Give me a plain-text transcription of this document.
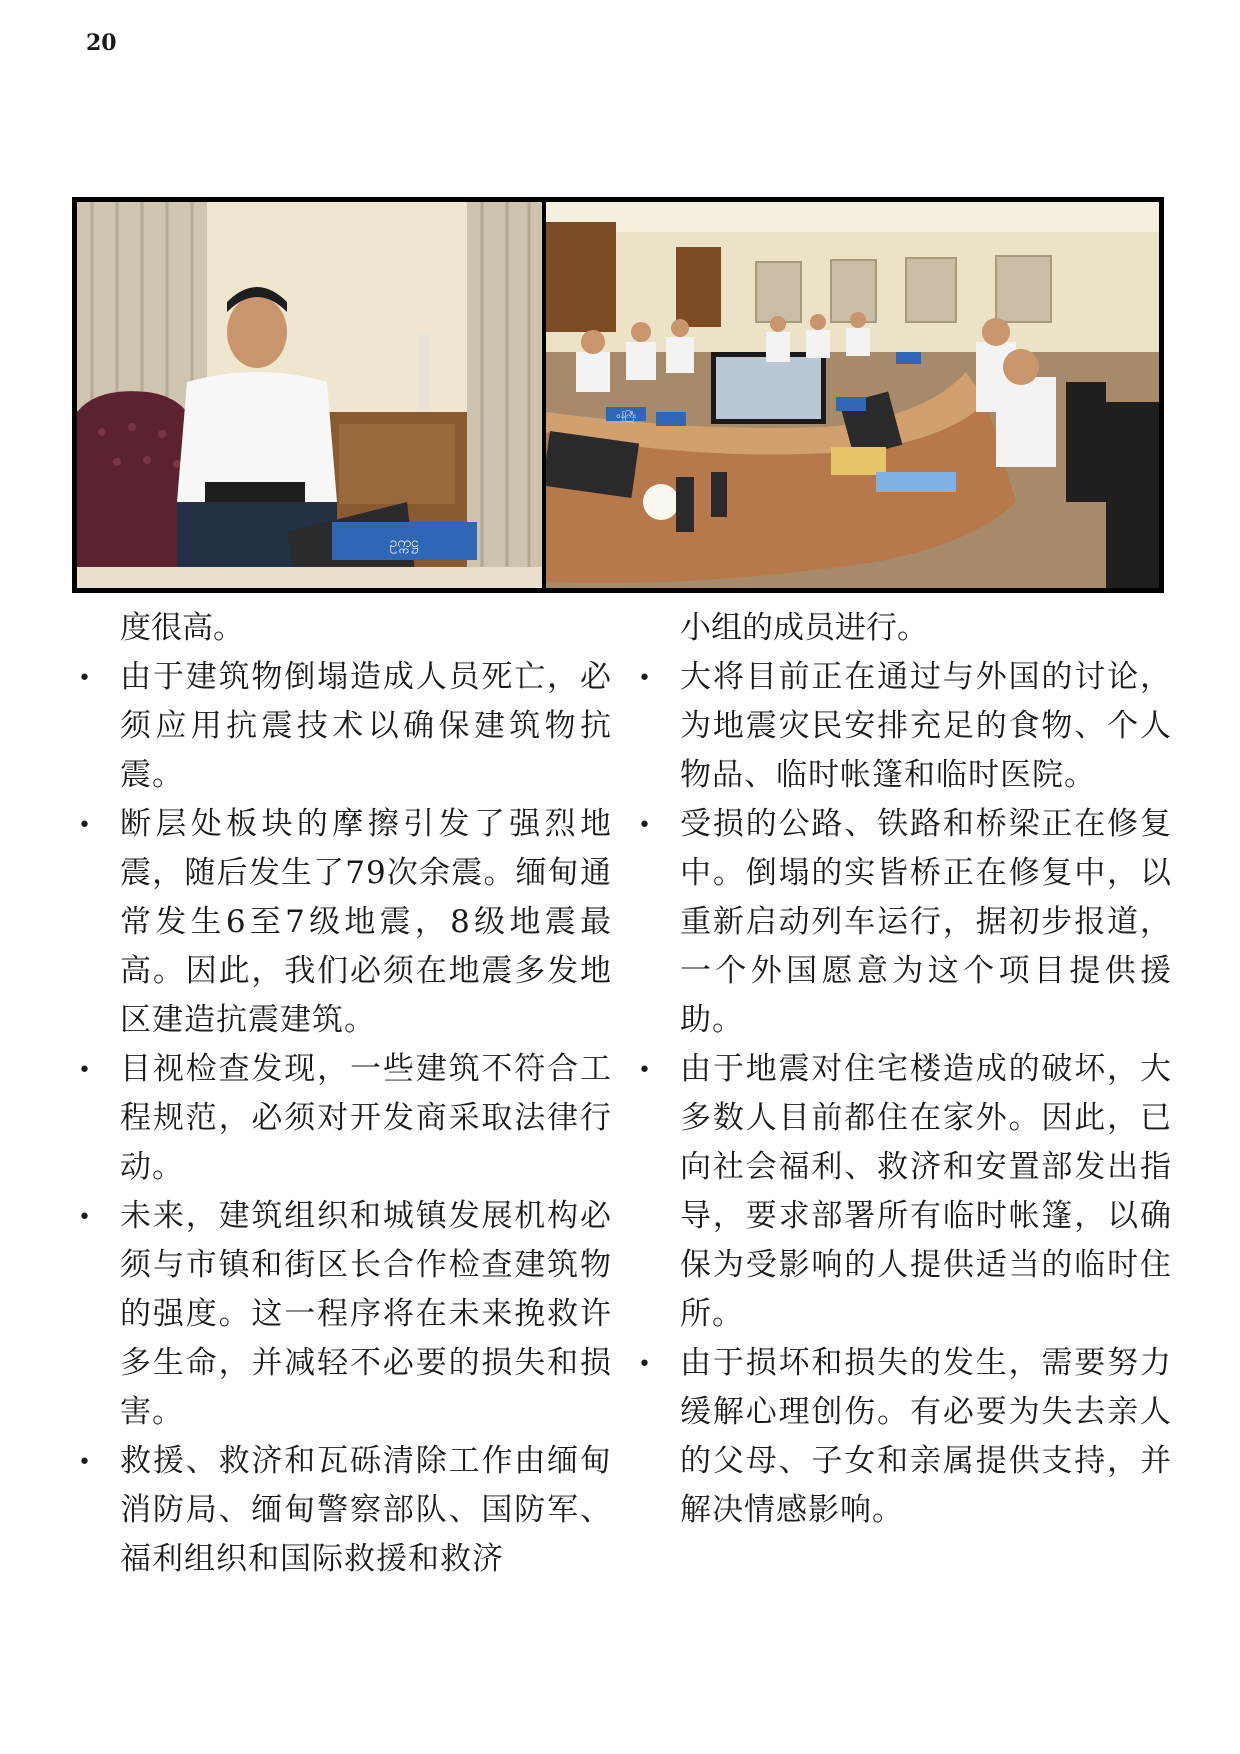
20
ဥက္ကဋ္ဌ
ဝန်ကြီး

度很高。

• 由于建筑物倒塌造成人员死亡，必须应用抗震技术以确保建筑物抗震。
• 断层处板块的摩擦引发了强烈地震，随后发生了79次余震。缅甸通常发生6至7级地震，8级地震最高。因此，我们必须在地震多发地区建造抗震建筑。
• 目视检查发现，一些建筑不符合工程规范，必须对开发商采取法律行动。
• 未来，建筑组织和城镇发展机构必须与市镇和街区长合作检查建筑物的强度。这一程序将在未来挽救许多生命，并减轻不必要的损失和损害。
• 救援、救济和瓦砾清除工作由缅甸消防局、缅甸警察部队、国防军、福利组织和国际救援和救济

小组的成员进行。

• 大将目前正在通过与外国的讨论，为地震灾民安排充足的食物、个人物品、临时帐篷和临时医院。
• 受损的公路、铁路和桥梁正在修复中。倒塌的实皆桥正在修复中，以重新启动列车运行，据初步报道，一个外国愿意为这个项目提供援助。
• 由于地震对住宅楼造成的破坏，大多数人目前都住在家外。因此，已向社会福利、救济和安置部发出指导，要求部署所有临时帐篷，以确保为受影响的人提供适当的临时住所。
• 由于损坏和损失的发生，需要努力缓解心理创伤。有必要为失去亲人的父母、子女和亲属提供支持，并解决情感影响。
